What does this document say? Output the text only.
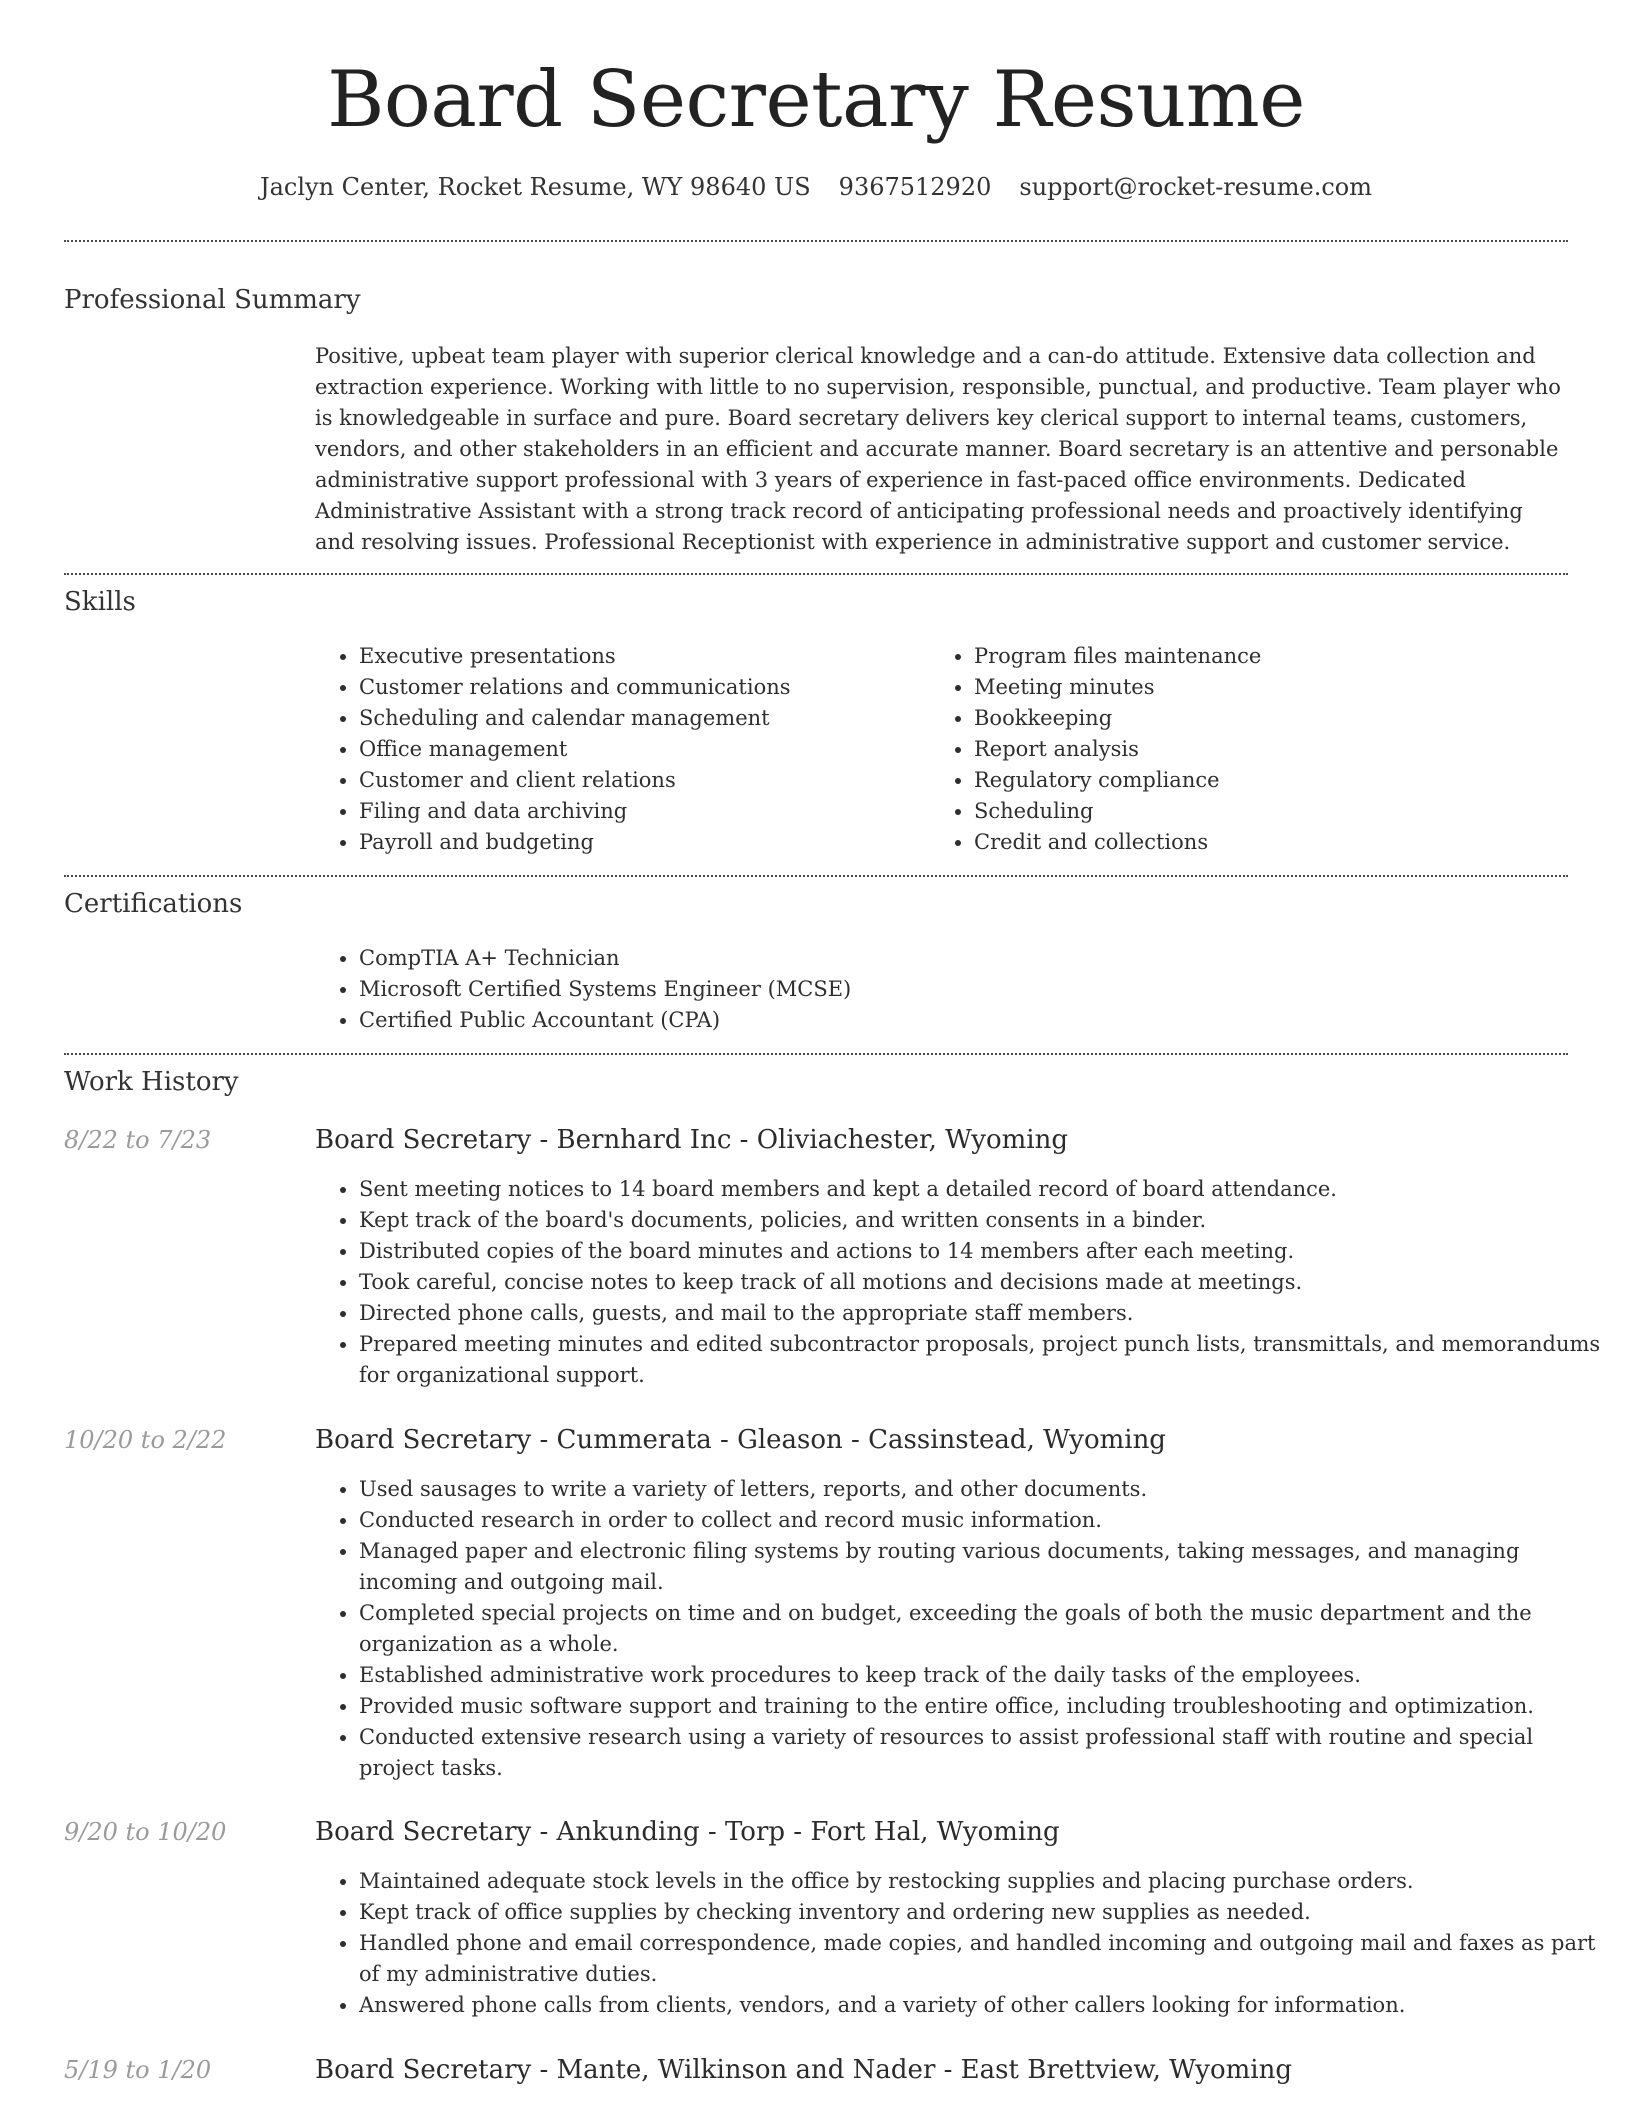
Board Secretary Resume
Jaclyn Center, Rocket Resume, WY 98640 US 9367512920 support@rocket-resume.com
Professional Summary

Positive, upbeat team player with superior clerical knowledge and a can-do attitude. Extensive data collection and extraction experience. Working with little to no supervision, responsible, punctual, and productive. Team player who is knowledgeable in surface and pure. Board secretary delivers key clerical support to internal teams, customers, vendors, and other stakeholders in an efficient and accurate manner. Board secretary is an attentive and personable administrative support professional with 3 years of experience in fast-paced office environments. Dedicated Administrative Assistant with a strong track record of anticipating professional needs and proactively identifying and resolving issues. Professional Receptionist with experience in administrative support and customer service.

Skills
• Executive presentations
• Customer relations and communications
• Scheduling and calendar management
• Office management
• Customer and client relations
• Filing and data archiving
• Payroll and budgeting
• Program files maintenance
• Meeting minutes
• Bookkeeping
• Report analysis
• Regulatory compliance
• Scheduling
• Credit and collections
Certifications
• CompTIA A+ Technician
• Microsoft Certified Systems Engineer (MCSE)
• Certified Public Accountant (CPA)
Work History
8/22 to 7/23	Board Secretary - Bernhard Inc - Oliviachester, Wyoming
• Sent meeting notices to 14 board members and kept a detailed record of board attendance.
• Kept track of the board's documents, policies, and written consents in a binder.
• Distributed copies of the board minutes and actions to 14 members after each meeting.
• Took careful, concise notes to keep track of all motions and decisions made at meetings.
• Directed phone calls, guests, and mail to the appropriate staff members.
• Prepared meeting minutes and edited subcontractor proposals, project punch lists, transmittals, and memorandums for organizational support.
10/20 to 2/22	Board Secretary - Cummerata - Gleason - Cassinstead, Wyoming
• Used sausages to write a variety of letters, reports, and other documents.
• Conducted research in order to collect and record music information.
• Managed paper and electronic filing systems by routing various documents, taking messages, and managing incoming and outgoing mail.
• Completed special projects on time and on budget, exceeding the goals of both the music department and the organization as a whole.
• Established administrative work procedures to keep track of the daily tasks of the employees.
• Provided music software support and training to the entire office, including troubleshooting and optimization.
• Conducted extensive research using a variety of resources to assist professional staff with routine and special project tasks.
9/20 to 10/20	Board Secretary - Ankunding - Torp - Fort Hal, Wyoming
• Maintained adequate stock levels in the office by restocking supplies and placing purchase orders.
• Kept track of office supplies by checking inventory and ordering new supplies as needed.
• Handled phone and email correspondence, made copies, and handled incoming and outgoing mail and faxes as part of my administrative duties.
• Answered phone calls from clients, vendors, and a variety of other callers looking for information.
5/19 to 1/20	Board Secretary - Mante, Wilkinson and Nader - East Brettview, Wyoming
